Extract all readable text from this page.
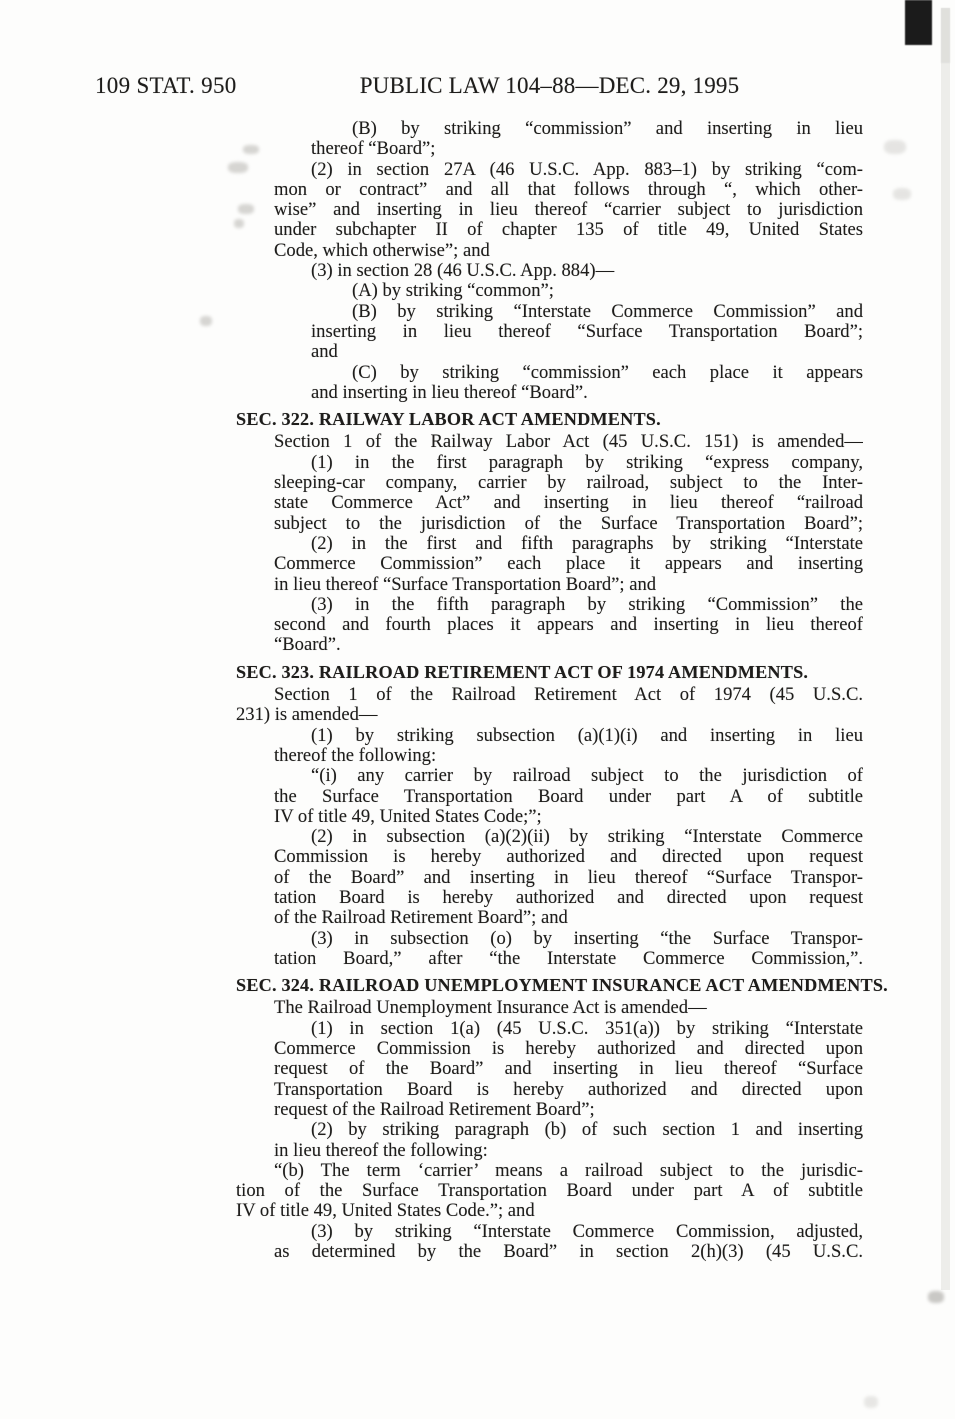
109 STAT. 950	PUBLIC LAW 104–88—DEC. 29, 1995
(B) by striking “commission” and inserting in lieu
thereof “Board”;
(2) in section 27A (46 U.S.C. App. 883–1) by striking “com-
mon or contract” and all that follows through “, which other-
wise” and inserting in lieu thereof “carrier subject to jurisdiction
under subchapter II of chapter 135 of title 49, United States
Code, which otherwise”; and
(3) in section 28 (46 U.S.C. App. 884)—
(A) by striking “common”;
(B) by striking “Interstate Commerce Commission” and
inserting in lieu thereof “Surface Transportation Board”;
and
(C) by striking “commission” each place it appears
and inserting in lieu thereof “Board”.
SEC. 322. RAILWAY LABOR ACT AMENDMENTS.
Section 1 of the Railway Labor Act (45 U.S.C. 151) is amended—
(1) in the first paragraph by striking “express company,
sleeping-car company, carrier by railroad, subject to the Inter-
state Commerce Act” and inserting in lieu thereof “railroad
subject to the jurisdiction of the Surface Transportation Board”;
(2) in the first and fifth paragraphs by striking “Interstate
Commerce Commission” each place it appears and inserting
in lieu thereof “Surface Transportation Board”; and
(3) in the fifth paragraph by striking “Commission” the
second and fourth places it appears and inserting in lieu thereof
“Board”.
SEC. 323. RAILROAD RETIREMENT ACT OF 1974 AMENDMENTS.
Section 1 of the Railroad Retirement Act of 1974 (45 U.S.C.
231) is amended—
(1) by striking subsection (a)(1)(i) and inserting in lieu
thereof the following:
“(i) any carrier by railroad subject to the jurisdiction of
the Surface Transportation Board under part A of subtitle
IV of title 49, United States Code;”;
(2) in subsection (a)(2)(ii) by striking “Interstate Commerce
Commission is hereby authorized and directed upon request
of the Board” and inserting in lieu thereof “Surface Transpor-
tation Board is hereby authorized and directed upon request
of the Railroad Retirement Board”; and
(3) in subsection (o) by inserting “the Surface Transpor-
tation Board,” after “the Interstate Commerce Commission,”.
SEC. 324. RAILROAD UNEMPLOYMENT INSURANCE ACT AMENDMENTS.
The Railroad Unemployment Insurance Act is amended—
(1) in section 1(a) (45 U.S.C. 351(a)) by striking “Interstate
Commerce Commission is hereby authorized and directed upon
request of the Board” and inserting in lieu thereof “Surface
Transportation Board is hereby authorized and directed upon
request of the Railroad Retirement Board”;
(2) by striking paragraph (b) of such section 1 and inserting
in lieu thereof the following:
“(b) The term ‘carrier’ means a railroad subject to the jurisdic-
tion of the Surface Transportation Board under part A of subtitle
IV of title 49, United States Code.”; and
(3) by striking “Interstate Commerce Commission, adjusted,
as determined by the Board” in section 2(h)(3) (45 U.S.C.
